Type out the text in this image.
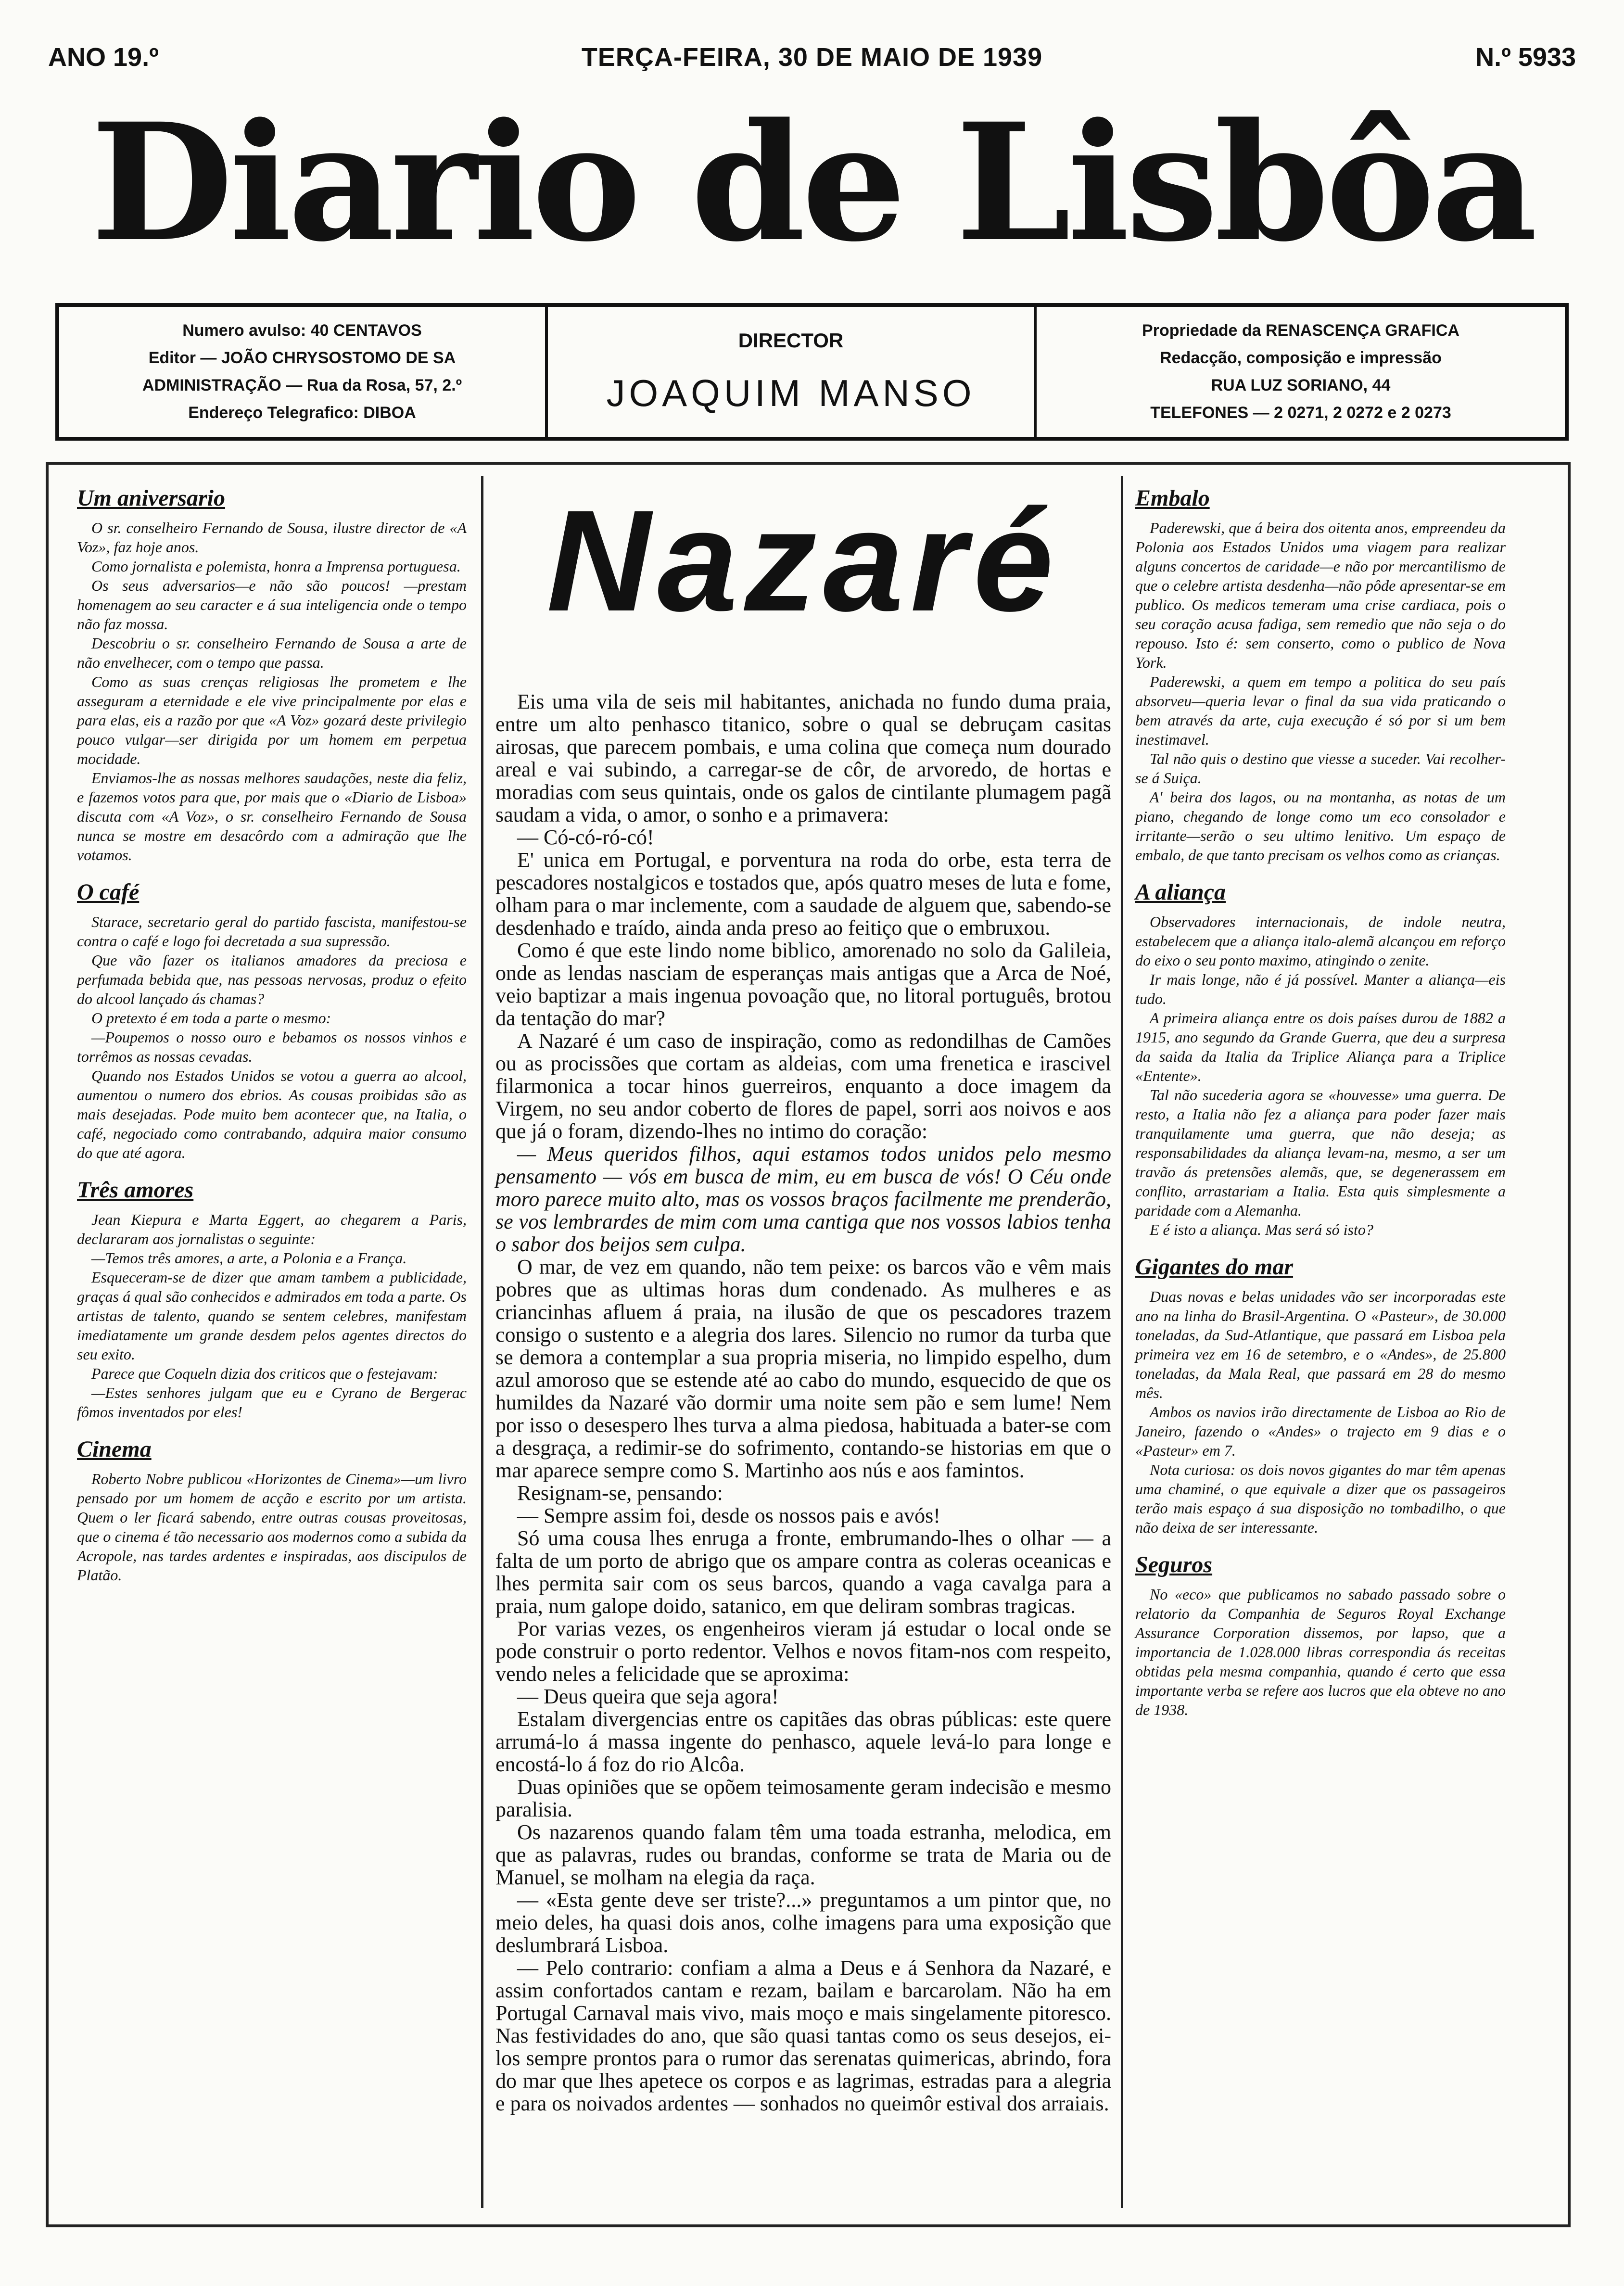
ANO 19.º	TERÇA-FEIRA, 30 DE MAIO DE 1939	N.º 5933
Diario de Lisbôa
Numero avulso: 40 CENTAVOS
Editor — JOÃO CHRYSOSTOMO DE SA
ADMINISTRAÇÃO — Rua da Rosa, 57, 2.º
Endereço Telegrafico: DIBOA
DIRECTOR
JOAQUIM MANSO
Propriedade da RENASCENÇA GRAFICA
Redacção, composição e impressão
RUA LUZ SORIANO, 44
TELEFONES — 2 0271, 2 0272 e 2 0273
Um aniversario

O sr. conselheiro Fernando de Sousa, ilustre director de «A Voz», faz hoje anos.

Como jornalista e polemista, honra a Imprensa portuguesa.

Os seus adversarios—e não são poucos! —prestam homenagem ao seu caracter e á sua inteligencia onde o tempo não faz mossa.

Descobriu o sr. conselheiro Fernando de Sousa a arte de não envelhecer, com o tempo que passa.

Como as suas crenças religiosas lhe prometem e lhe asseguram a eternidade e ele vive principalmente por elas e para elas, eis a razão por que «A Voz» gozará deste privilegio pouco vulgar—ser dirigida por um homem em perpetua mocidade.

Enviamos-lhe as nossas melhores saudações, neste dia feliz, e fazemos votos para que, por mais que o «Diario de Lisboa» discuta com «A Voz», o sr. conselheiro Fernando de Sousa nunca se mostre em desacôrdo com a admiração que lhe votamos.

O café

Starace, secretario geral do partido fascista, manifestou-se contra o café e logo foi decretada a sua supressão.

Que vão fazer os italianos amadores da preciosa e perfumada bebida que, nas pessoas nervosas, produz o efeito do alcool lançado ás chamas?

O pretexto é em toda a parte o mesmo:

—Poupemos o nosso ouro e bebamos os nossos vinhos e torrêmos as nossas cevadas.

Quando nos Estados Unidos se votou a guerra ao alcool, aumentou o numero dos ebrios. As cousas proibidas são as mais desejadas. Pode muito bem acontecer que, na Italia, o café, negociado como contrabando, adquira maior consumo do que até agora.

Três amores

Jean Kiepura e Marta Eggert, ao chegarem a Paris, declararam aos jornalistas o seguinte:

—Temos três amores, a arte, a Polonia e a França.

Esqueceram-se de dizer que amam tambem a publicidade, graças á qual são conhecidos e admirados em toda a parte. Os artistas de talento, quando se sentem celebres, manifestam imediatamente um grande desdem pelos agentes directos do seu exito.

Parece que Coqueln dizia dos criticos que o festejavam:

—Estes senhores julgam que eu e Cyrano de Bergerac fômos inventados por eles!

Cinema

Roberto Nobre publicou «Horizontes de Cinema»—um livro pensado por um homem de acção e escrito por um artista. Quem o ler ficará sabendo, entre outras cousas proveitosas, que o cinema é tão necessario aos modernos como a subida da Acropole, nas tardes ardentes e inspiradas, aos discipulos de Platão.

Nazaré

Eis uma vila de seis mil habitantes, anichada no fundo duma praia, entre um alto penhasco titanico, sobre o qual se debruçam casitas airosas, que parecem pombais, e uma colina que começa num dourado areal e vai subindo, a carregar-se de côr, de arvoredo, de hortas e moradias com seus quintais, onde os galos de cintilante plumagem pagã saudam a vida, o amor, o sonho e a primavera:

— Có-có-ró-có!

E' unica em Portugal, e porventura na roda do orbe, esta terra de pescadores nostalgicos e tostados que, após quatro meses de luta e fome, olham para o mar inclemente, com a saudade de alguem que, sabendo-se desdenhado e traído, ainda anda preso ao feitiço que o embruxou.

Como é que este lindo nome biblico, amorenado no solo da Galileia, onde as lendas nasciam de esperanças mais antigas que a Arca de Noé, veio baptizar a mais ingenua povoação que, no litoral português, brotou da tentação do mar?

A Nazaré é um caso de inspiração, como as redondilhas de Camões ou as procissões que cortam as aldeias, com uma frenetica e irascivel filarmonica a tocar hinos guerreiros, enquanto a doce imagem da Virgem, no seu andor coberto de flores de papel, sorri aos noivos e aos que já o foram, dizendo-lhes no intimo do coração:

— Meus queridos filhos, aqui estamos todos unidos pelo mesmo pensamento — vós em busca de mim, eu em busca de vós! O Céu onde moro parece muito alto, mas os vossos braços facilmente me prenderão, se vos lembrardes de mim com uma cantiga que nos vossos labios tenha o sabor dos beijos sem culpa.

O mar, de vez em quando, não tem peixe: os barcos vão e vêm mais pobres que as ultimas horas dum condenado. As mulheres e as criancinhas afluem á praia, na ilusão de que os pescadores trazem consigo o sustento e a alegria dos lares. Silencio no rumor da turba que se demora a contemplar a sua propria miseria, no limpido espelho, dum azul amoroso que se estende até ao cabo do mundo, esquecido de que os humildes da Nazaré vão dormir uma noite sem pão e sem lume! Nem por isso o desespero lhes turva a alma piedosa, habituada a bater-se com a desgraça, a redimir-se do sofrimento, contando-se historias em que o mar aparece sempre como S. Martinho aos nús e aos famintos.

Resignam-se, pensando:

— Sempre assim foi, desde os nossos pais e avós!

Só uma cousa lhes enruga a fronte, embrumando-lhes o olhar — a falta de um porto de abrigo que os ampare contra as coleras oceanicas e lhes permita sair com os seus barcos, quando a vaga cavalga para a praia, num galope doido, satanico, em que deliram sombras tragicas.

Por varias vezes, os engenheiros vieram já estudar o local onde se pode construir o porto redentor. Velhos e novos fitam-nos com respeito, vendo neles a felicidade que se aproxima:

— Deus queira que seja agora!

Estalam divergencias entre os capitães das obras públicas: este quere arrumá-lo á massa ingente do penhasco, aquele levá-lo para longe e encostá-lo á foz do rio Alcôa.

Duas opiniões que se opõem teimosamente geram indecisão e mesmo paralisia.

Os nazarenos quando falam têm uma toada estranha, melodica, em que as palavras, rudes ou brandas, conforme se trata de Maria ou de Manuel, se molham na elegia da raça.

— «Esta gente deve ser triste?...» preguntamos a um pintor que, no meio deles, ha quasi dois anos, colhe imagens para uma exposição que deslumbrará Lisboa.

— Pelo contrario: confiam a alma a Deus e á Senhora da Nazaré, e assim confortados cantam e rezam, bailam e barcarolam. Não ha em Portugal Carnaval mais vivo, mais moço e mais singelamente pitoresco. Nas festividades do ano, que são quasi tantas como os seus desejos, ei-los sempre prontos para o rumor das serenatas quimericas, abrindo, fora do mar que lhes apetece os corpos e as lagrimas, estradas para a alegria e para os noivados ardentes — sonhados no queimôr estival dos arraiais.

Embalo

Paderewski, que á beira dos oitenta anos, empreendeu da Polonia aos Estados Unidos uma viagem para realizar alguns concertos de caridade—e não por mercantilismo de que o celebre artista desdenha—não pôde apresentar-se em publico. Os medicos temeram uma crise cardiaca, pois o seu coração acusa fadiga, sem remedio que não seja o do repouso. Isto é: sem conserto, como o publico de Nova York.

Paderewski, a quem em tempo a politica do seu país absorveu—queria levar o final da sua vida praticando o bem através da arte, cuja execução é só por si um bem inestimavel.

Tal não quis o destino que viesse a suceder. Vai recolher-se á Suiça.

A' beira dos lagos, ou na montanha, as notas de um piano, chegando de longe como um eco consolador e irritante—serão o seu ultimo lenitivo. Um espaço de embalo, de que tanto precisam os velhos como as crianças.

A aliança

Observadores internacionais, de indole neutra, estabelecem que a aliança italo-alemã alcançou em reforço do eixo o seu ponto maximo, atingindo o zenite.

Ir mais longe, não é já possível. Manter a aliança—eis tudo.

A primeira aliança entre os dois países durou de 1882 a 1915, ano segundo da Grande Guerra, que deu a surpresa da saida da Italia da Triplice Aliança para a Triplice «Entente».

Tal não sucederia agora se «houvesse» uma guerra. De resto, a Italia não fez a aliança para poder fazer mais tranquilamente uma guerra, que não deseja; as responsabilidades da aliança levam-na, mesmo, a ser um travão ás pretensões alemãs, que, se degenerassem em conflito, arrastariam a Italia. Esta quis simplesmente a paridade com a Alemanha.

E é isto a aliança. Mas será só isto?

Gigantes do mar

Duas novas e belas unidades vão ser incorporadas este ano na linha do Brasil-Argentina. O «Pasteur», de 30.000 toneladas, da Sud-Atlantique, que passará em Lisboa pela primeira vez em 16 de setembro, e o «Andes», de 25.800 toneladas, da Mala Real, que passará em 28 do mesmo mês.

Ambos os navios irão directamente de Lisboa ao Rio de Janeiro, fazendo o «Andes» o trajecto em 9 dias e o «Pasteur» em 7.

Nota curiosa: os dois novos gigantes do mar têm apenas uma chaminé, o que equivale a dizer que os passageiros terão mais espaço á sua disposição no tombadilho, o que não deixa de ser interessante.

Seguros

No «eco» que publicamos no sabado passado sobre o relatorio da Companhia de Seguros Royal Exchange Assurance Corporation dissemos, por lapso, que a importancia de 1.028.000 libras correspondia ás receitas obtidas pela mesma companhia, quando é certo que essa importante verba se refere aos lucros que ela obteve no ano de 1938.
